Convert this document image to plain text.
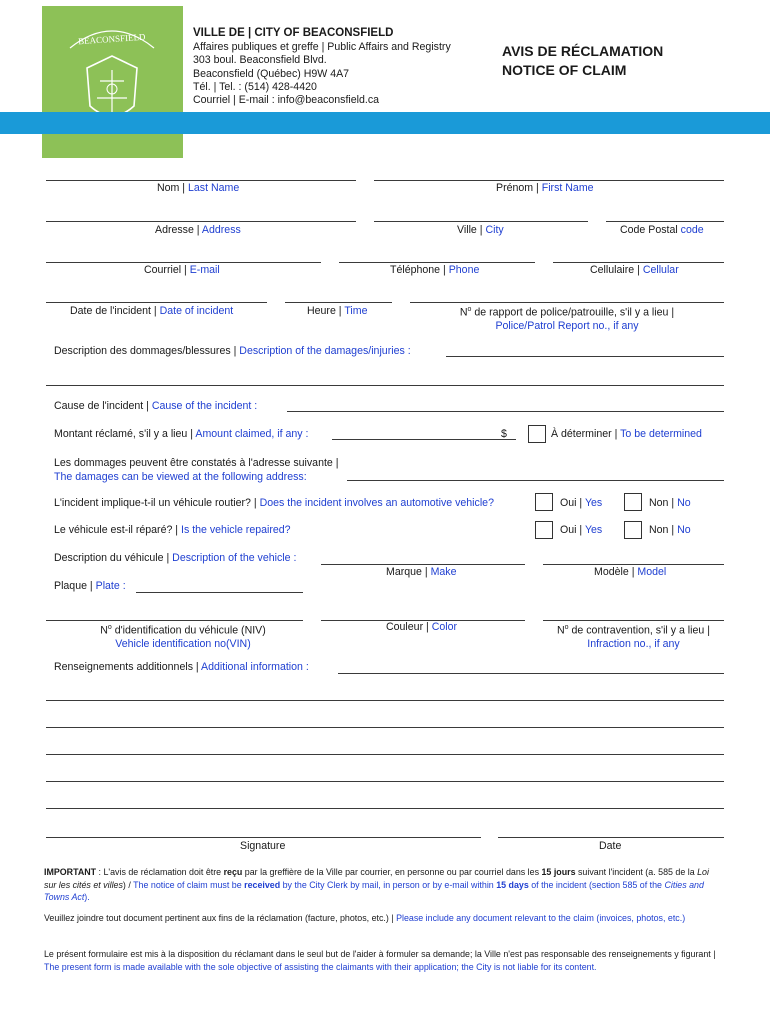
BEACONSFIELD	VILLE DE | CITY OF BEACONSFIELD
Affaires publiques et greffe | Public Affairs and Registry
303 boul. Beaconsfield Blvd.
Beaconsfield (Québec) H9W 4A7
Tél. | Tel. : (514) 428-4420
Courriel | E-mail : info@beaconsfield.ca
AVIS DE RÉCLAMATION
NOTICE OF CLAIM
Nom | Last Name	Prénom | First Name
Adresse | Address	Ville | City	Code Postal code
Courriel | E-mail	Téléphone | Phone	Cellulaire | Cellular
Date de l'incident | Date of incident	Heure | Time	$N^o$ de rapport de police/patrouille, s'il y a lieu |
Police/Patrol Report no., if any
Description des dommages/blessures | Description of the damages/injuries :
Cause de l'incident | Cause of the incident :
Montant réclamé, s'il y a lieu | Amount claimed, if any :	$	À déterminer | To be determined
Les dommages peuvent être constatés à l'adresse suivante |
The damages can be viewed at the following address:
L'incident implique-t-il un véhicule routier? | Does the incident involves an automotive vehicle?	Oui | Yes	Non | No
Le véhicule est-il réparé? | Is the vehicle repaired?	Oui | Yes	Non | No
Description du véhicule | Description of the vehicle :
Marque | Make	Modèle | Model
Plaque | Plate :
$N^o$ d'identification du véhicule (NIV)
Vehicle identification no(VIN)
Couleur | Color	$N^o$ de contravention, s'il y a lieu |
Infraction no., if any
Renseignements additionnels | Additional information :
Signature	Date
IMPORTANT : L'avis de réclamation doit être reçu par la greffière de la Ville par courrier, en personne ou par courriel dans les 15 jours suivant l'incident (a. 585 de la Loi sur les cités et villes) / The notice of claim must be received by the City Clerk by mail, in person or by e-mail within 15 days of the incident (section 585 of the Cities and Towns Act).
Veuillez joindre tout document pertinent aux fins de la réclamation (facture, photos, etc.) | Please include any document relevant to the claim (invoices, photos, etc.)
Le présent formulaire est mis à la disposition du réclamant dans le seul but de l'aider à formuler sa demande; la Ville n'est pas responsable des renseignements y figurant | The present form is made available with the sole objective of assisting the claimants with their application; the City is not liable for its content.
